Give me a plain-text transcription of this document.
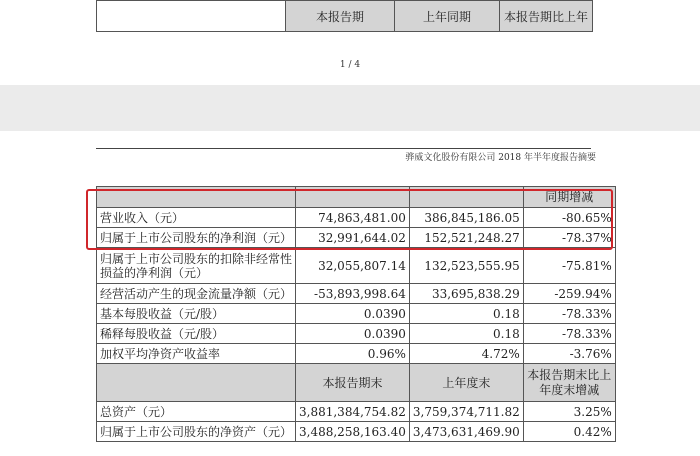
	本报告期	上年同期	本报告期比上年
1 / 4
骅威文化股份有限公司 2018 年半年度报告摘要
			同期增减
营业收入（元）	74,863,481.00	386,845,186.05	-80.65%
归属于上市公司股东的净利润（元）	32,991,644.02	152,521,248.27	-78.37%
归属于上市公司股东的扣除非经常性损益的净利润（元）	32,055,807.14	132,523,555.95	-75.81%
经营活动产生的现金流量净额（元）	-53,893,998.64	33,695,838.29	-259.94%
基本每股收益（元/股）	0.0390	0.18	-78.33%
稀释每股收益（元/股）	0.0390	0.18	-78.33%
加权平均净资产收益率	0.96%	4.72%	-3.76%
	本报告期末	上年度末	本报告期末比上年度末增减
总资产（元）	3,881,384,754.82	3,759,374,711.82	3.25%
归属于上市公司股东的净资产（元）	3,488,258,163.40	3,473,631,469.90	0.42%
